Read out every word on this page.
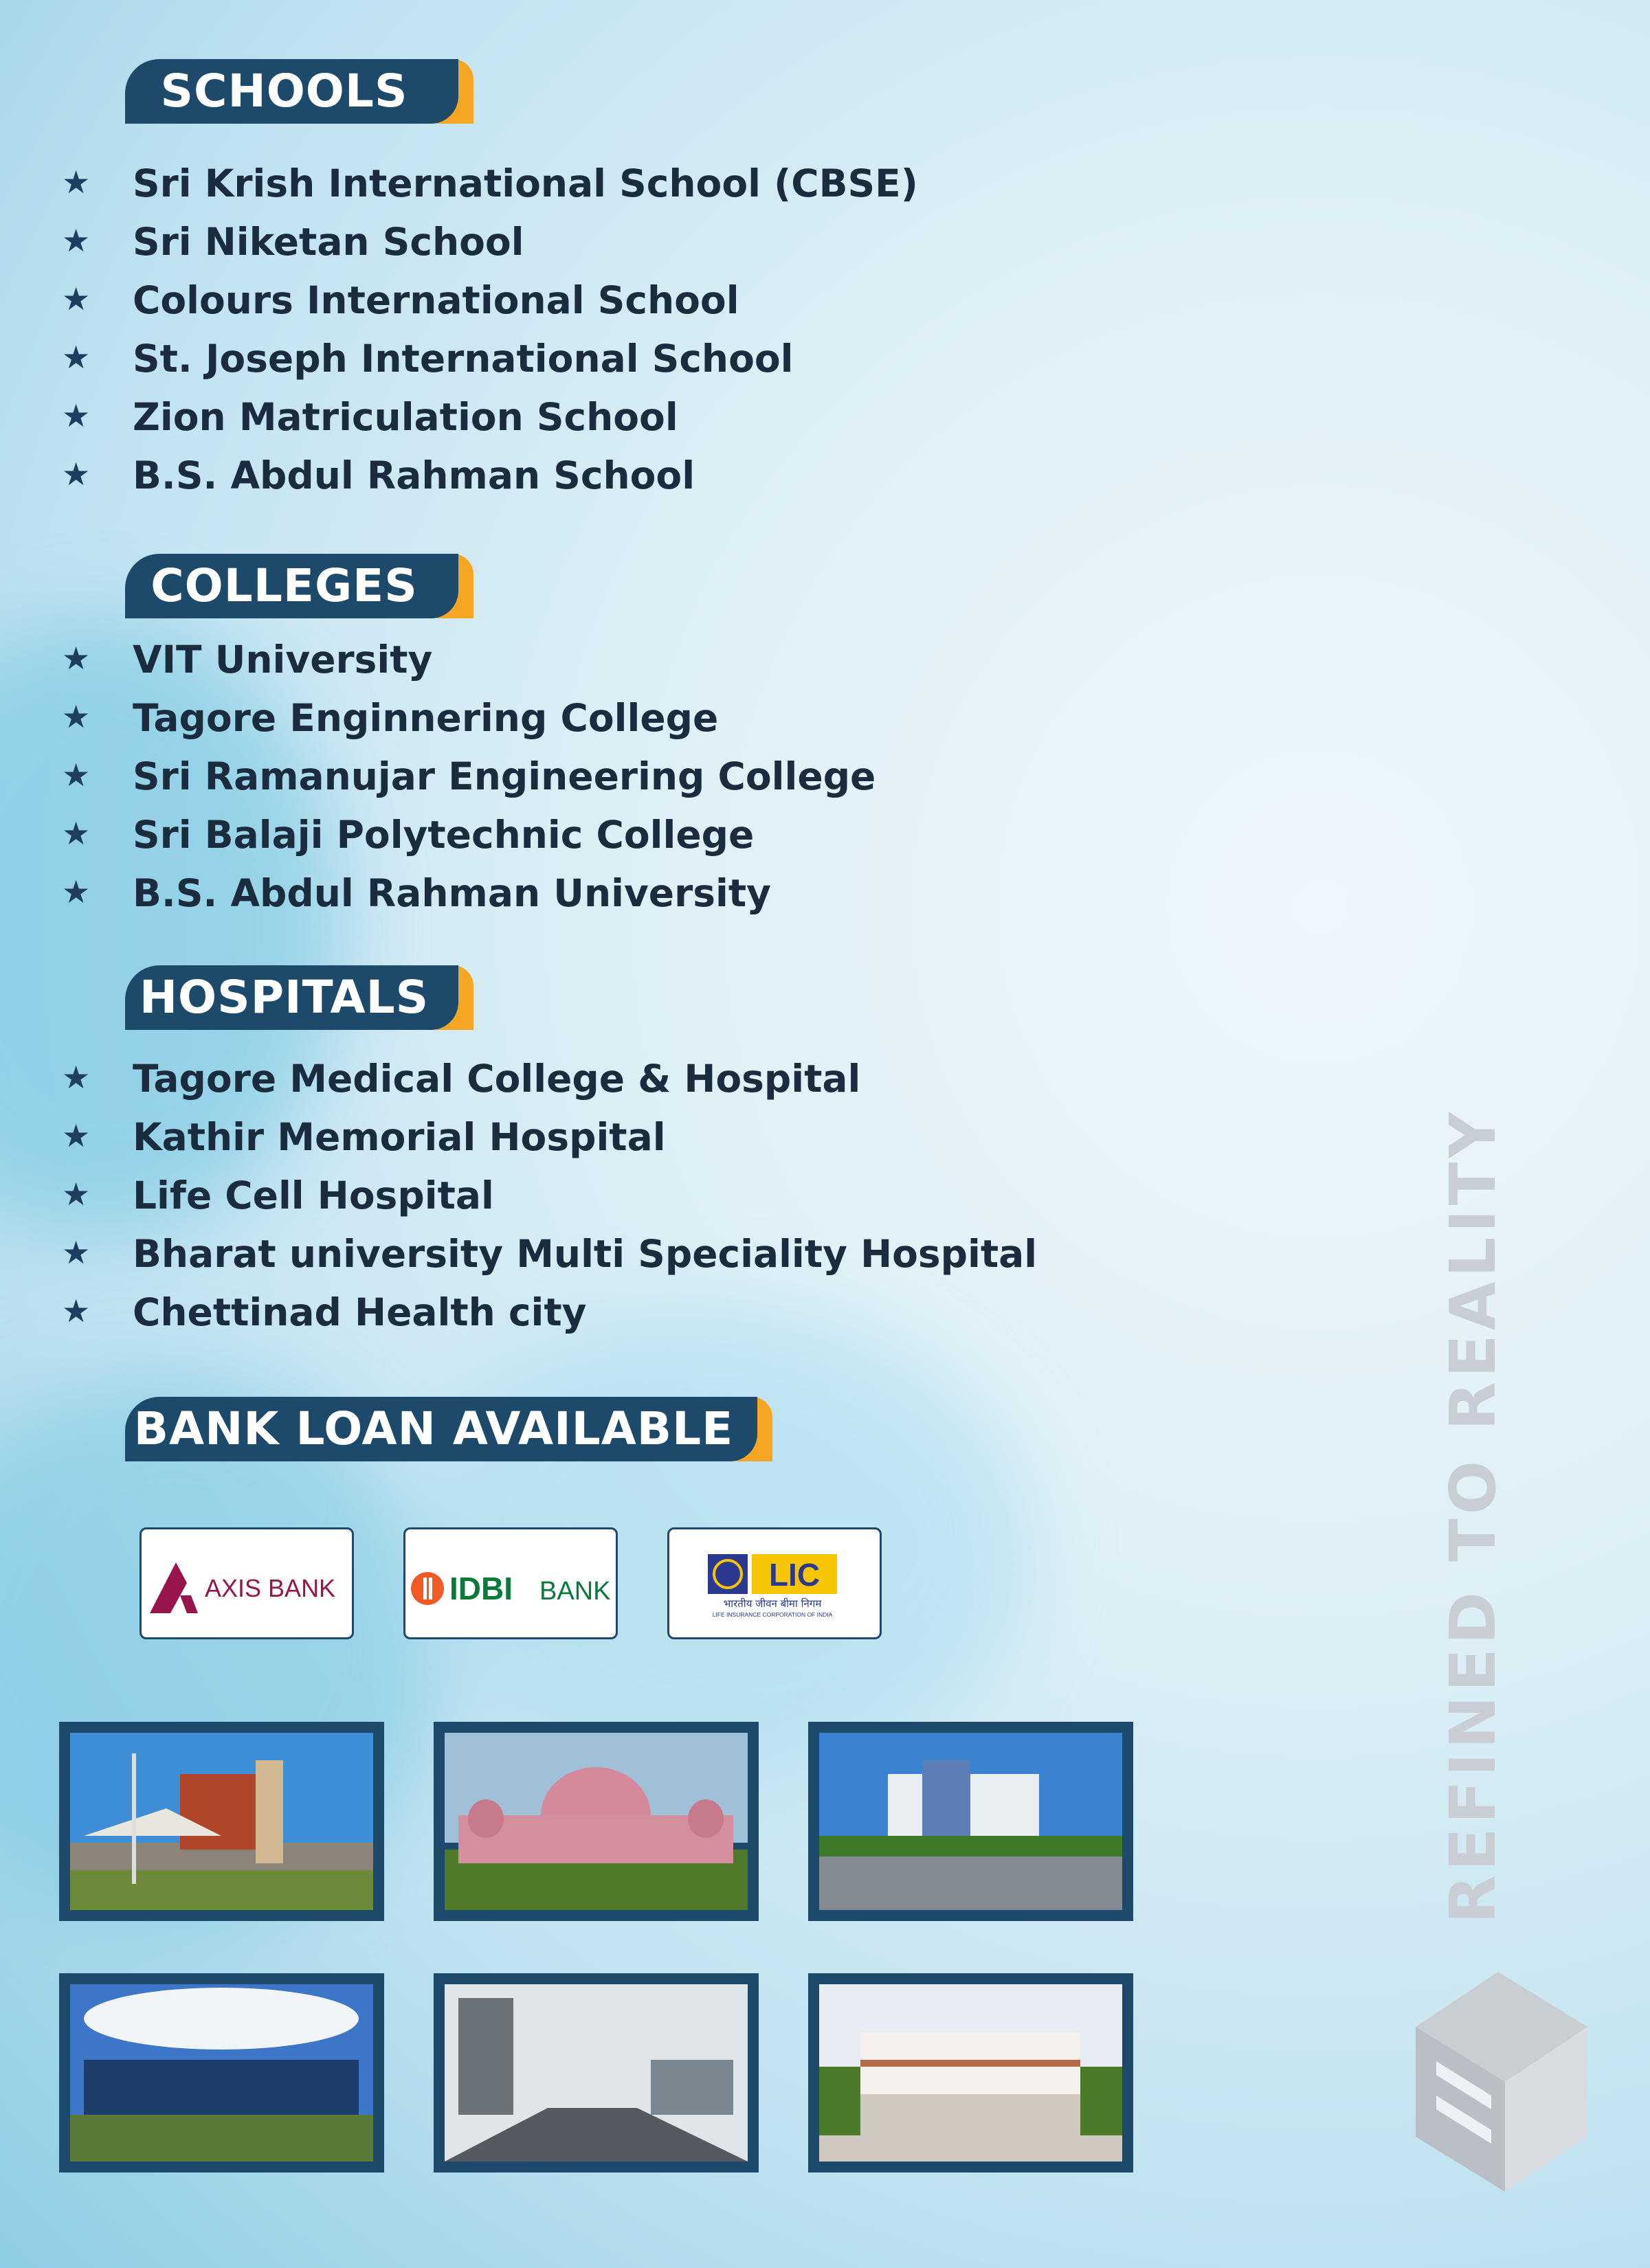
SCHOOLS
★	Sri Krish International School (CBSE)
★	Sri Niketan School
★	Colours International School
★	St. Joseph International School
★	Zion Matriculation School
★	B.S. Abdul Rahman School
COLLEGES
★	VIT University
★	Tagore Enginnering College
★	Sri Ramanujar Engineering College
★	Sri Balaji Polytechnic College
★	B.S. Abdul Rahman University
HOSPITALS
★	Tagore Medical College & Hospital
★	Kathir Memorial Hospital
★	Life Cell Hospital
★	Bharat university Multi Speciality Hospital
★	Chettinad Health city
BANK LOAN AVAILABLE
AXIS BANK	IDBI BANK	LIC
भारतीय जीवन बीमा निगम
LIFE INSURANCE CORPORATION OF INDIA	REFINED TO REALITY
